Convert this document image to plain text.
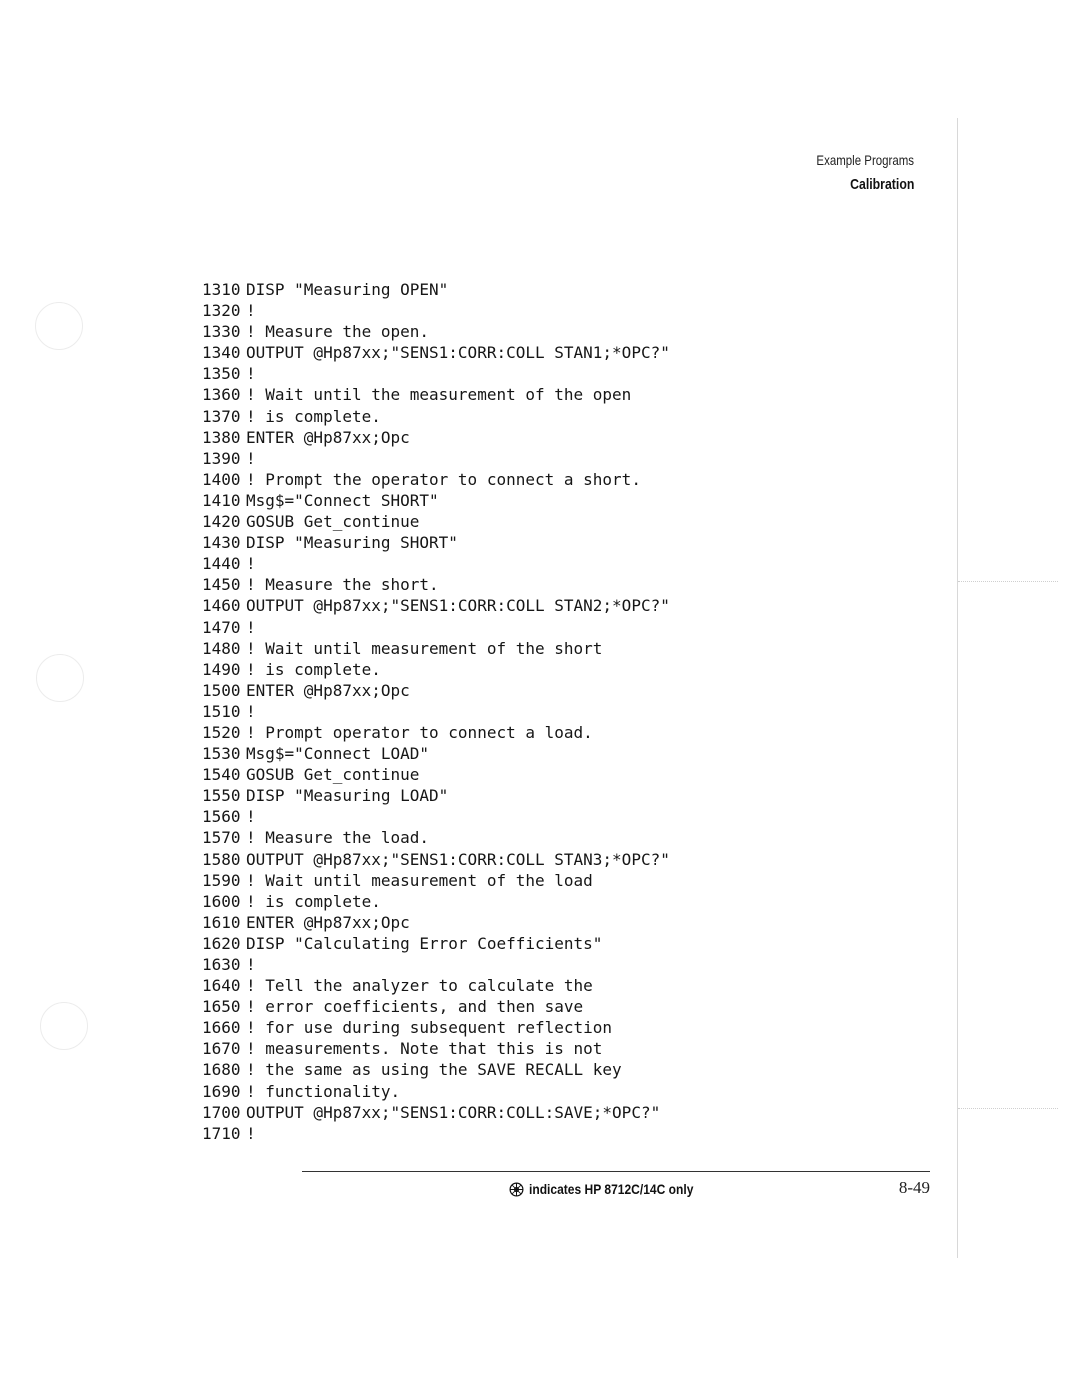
Example Programs
Calibration
1310 DISP "Measuring OPEN"
1320 !
1330 ! Measure the open.
1340 OUTPUT @Hp87xx;"SENS1:CORR:COLL STAN1;*OPC?"
1350 !
1360 ! Wait until the measurement of the open
1370 ! is complete.
1380 ENTER @Hp87xx;Opc
1390 !
1400 ! Prompt the operator to connect a short.
1410 Msg$="Connect SHORT"
1420 GOSUB Get_continue
1430 DISP "Measuring SHORT"
1440 !
1450 ! Measure the short.
1460 OUTPUT @Hp87xx;"SENS1:CORR:COLL STAN2;*OPC?"
1470 !
1480 ! Wait until measurement of the short
1490 ! is complete.
1500 ENTER @Hp87xx;Opc
1510 !
1520 ! Prompt operator to connect a load.
1530 Msg$="Connect LOAD"
1540 GOSUB Get_continue
1550 DISP "Measuring LOAD"
1560 !
1570 ! Measure the load.
1580 OUTPUT @Hp87xx;"SENS1:CORR:COLL STAN3;*OPC?"
1590 ! Wait until measurement of the load
1600 ! is complete.
1610 ENTER @Hp87xx;Opc
1620 DISP "Calculating Error Coefficients"
1630 !
1640 ! Tell the analyzer to calculate the
1650 ! error coefficients, and then save
1660 ! for use during subsequent reflection
1670 ! measurements. Note that this is not
1680 ! the same as using the SAVE RECALL key
1690 ! functionality.
1700 OUTPUT @Hp87xx;"SENS1:CORR:COLL:SAVE;*OPC?"
1710 !
indicates HP 8712C/14C only	8-49
